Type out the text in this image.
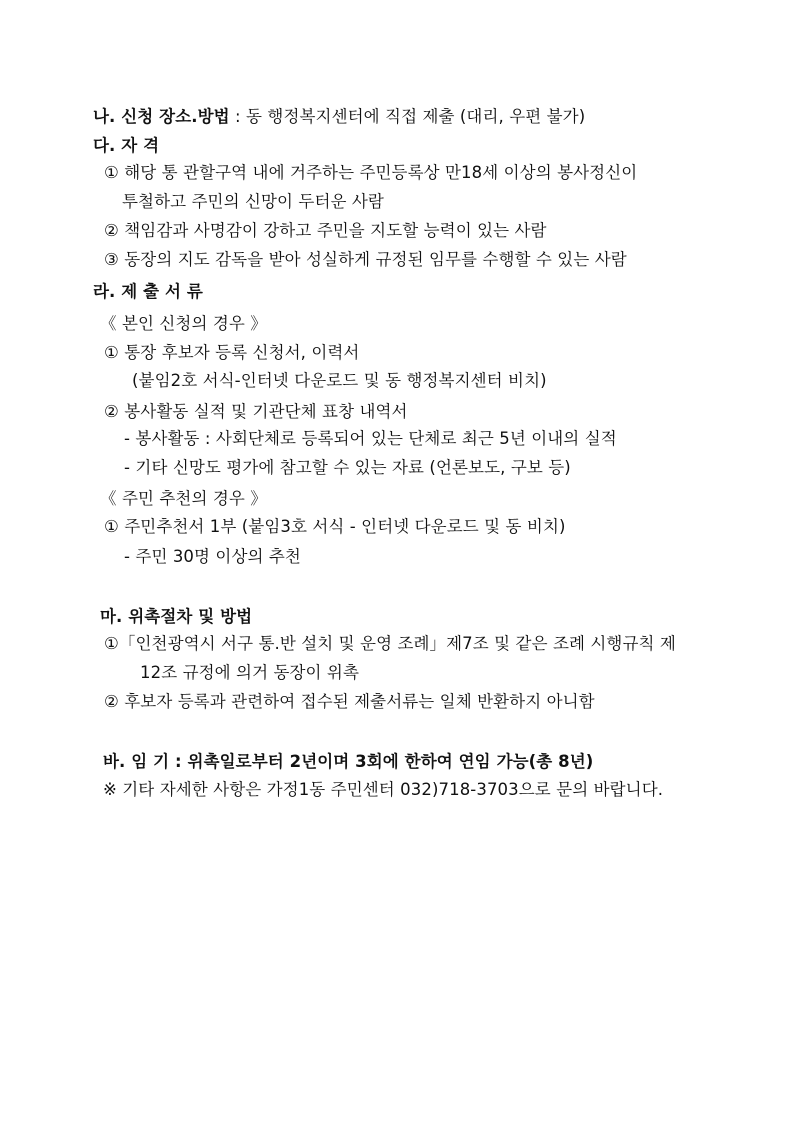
나. 신청 장소.방법 : 동 행정복지센터에 직접 제출 (대리, 우편 불가)
다. 자 격
① 해당 통 관할구역 내에 거주하는 주민등록상 만18세 이상의 봉사정신이
투철하고 주민의 신망이 두터운 사람
② 책임감과 사명감이 강하고 주민을 지도할 능력이 있는 사람
③ 동장의 지도 감독을 받아 성실하게 규정된 임무를 수행할 수 있는 사람
라. 제 출 서 류
《 본인 신청의 경우 》
① 통장 후보자 등록 신청서, 이력서
(붙임2호 서식-인터넷 다운로드 및 동 행정복지센터 비치)
② 봉사활동 실적 및 기관단체 표창 내역서
- 봉사활동 : 사회단체로 등록되어 있는 단체로 최근 5년 이내의 실적
- 기타 신망도 평가에 참고할 수 있는 자료 (언론보도, 구보 등)
《 주민 추천의 경우 》
① 주민추천서 1부 (붙임3호 서식 - 인터넷 다운로드 및 동 비치)
- 주민 30명 이상의 추천
마. 위촉절차 및 방법
①「인천광역시 서구 통.반 설치 및 운영 조례」제7조 및 같은 조례 시행규칙 제
12조 규정에 의거 동장이 위촉
② 후보자 등록과 관련하여 접수된 제출서류는 일체 반환하지 아니함
바. 임 기 : 위촉일로부터 2년이며 3회에 한하여 연임 가능(총 8년)
※ 기타 자세한 사항은 가정1동 주민센터 032)718-3703으로 문의 바랍니다.
